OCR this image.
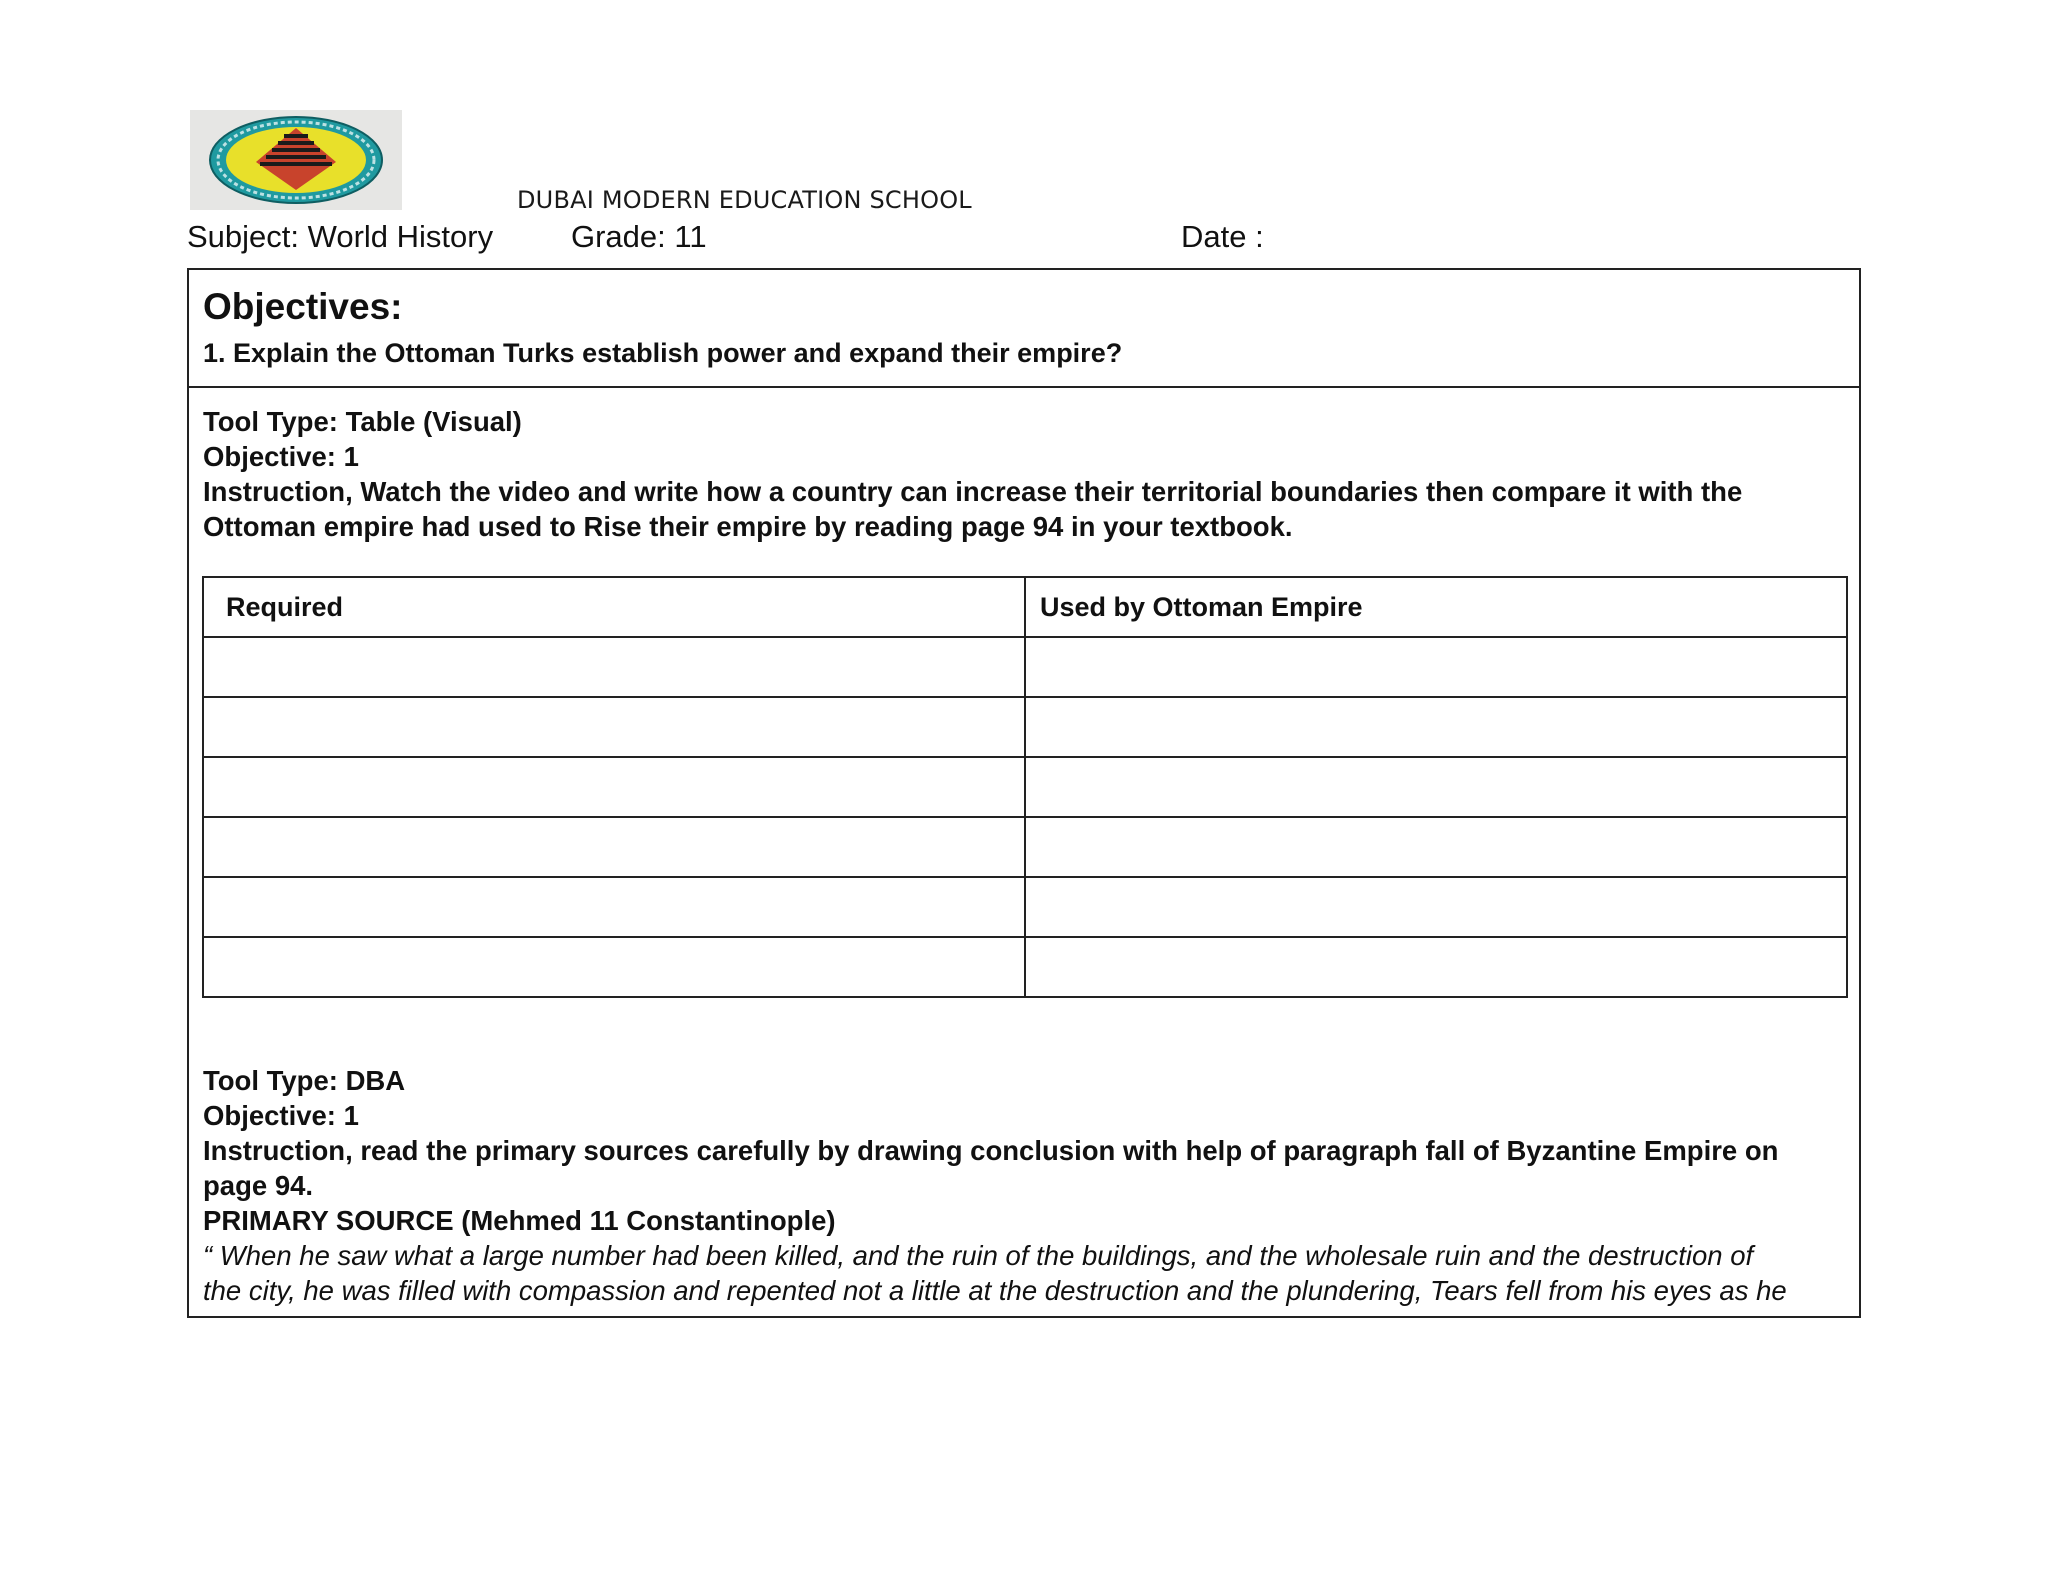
DUBAI MODERN EDUCATION SCHOOL
Subject: World History	Grade: 11	Date :
Objectives:
1. Explain the Ottoman Turks establish power and expand their empire?
Tool Type: Table (Visual)
Objective: 1
Instruction, Watch the video and write how a country can increase their territorial boundaries then compare it with the
Ottoman empire had used to Rise their empire by reading page 94 in your textbook.
Required	Used by Ottoman Empire

Tool Type: DBA
Objective: 1
Instruction, read the primary sources carefully by drawing conclusion with help of paragraph fall of Byzantine Empire on
page 94.
PRIMARY SOURCE (Mehmed 11 Constantinople)
“ When he saw what a large number had been killed, and the ruin of the buildings, and the wholesale ruin and the destruction of
the city, he was filled with compassion and repented not a little at the destruction and the plundering, Tears fell from his eyes as he
